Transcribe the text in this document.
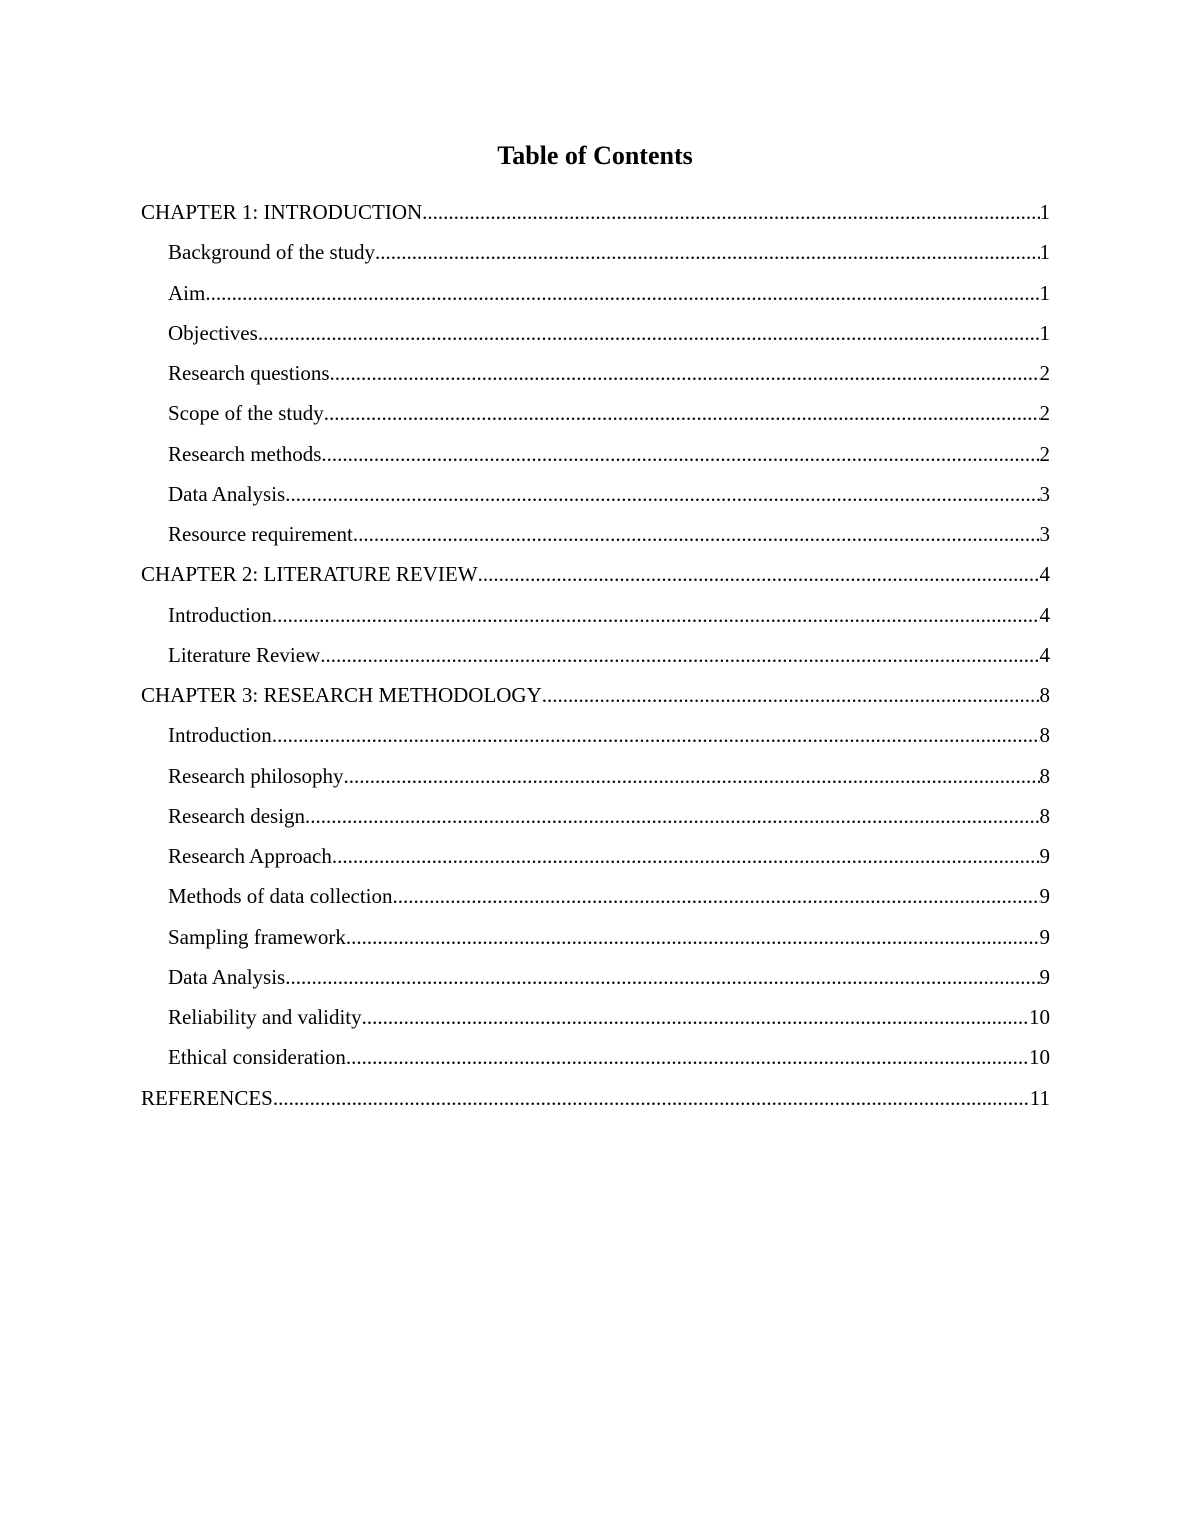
Table of Contents
CHAPTER 1: INTRODUCTION .....	1
Background of the study .....	1
Aim .....	1
Objectives .....	1
Research questions .....	2
Scope of the study .....	2
Research methods .....	2
Data Analysis .....	3
Resource requirement .....	3
CHAPTER 2: LITERATURE REVIEW .....	4
Introduction .....	4
Literature Review .....	4
CHAPTER 3: RESEARCH METHODOLOGY .....	8
Introduction .....	8
Research philosophy .....	8
Research design .....	8
Research Approach .....	9
Methods of data collection .....	9
Sampling framework .....	9
Data Analysis .....	9
Reliability and validity .....	10
Ethical consideration .....	10
REFERENCES .....	11
